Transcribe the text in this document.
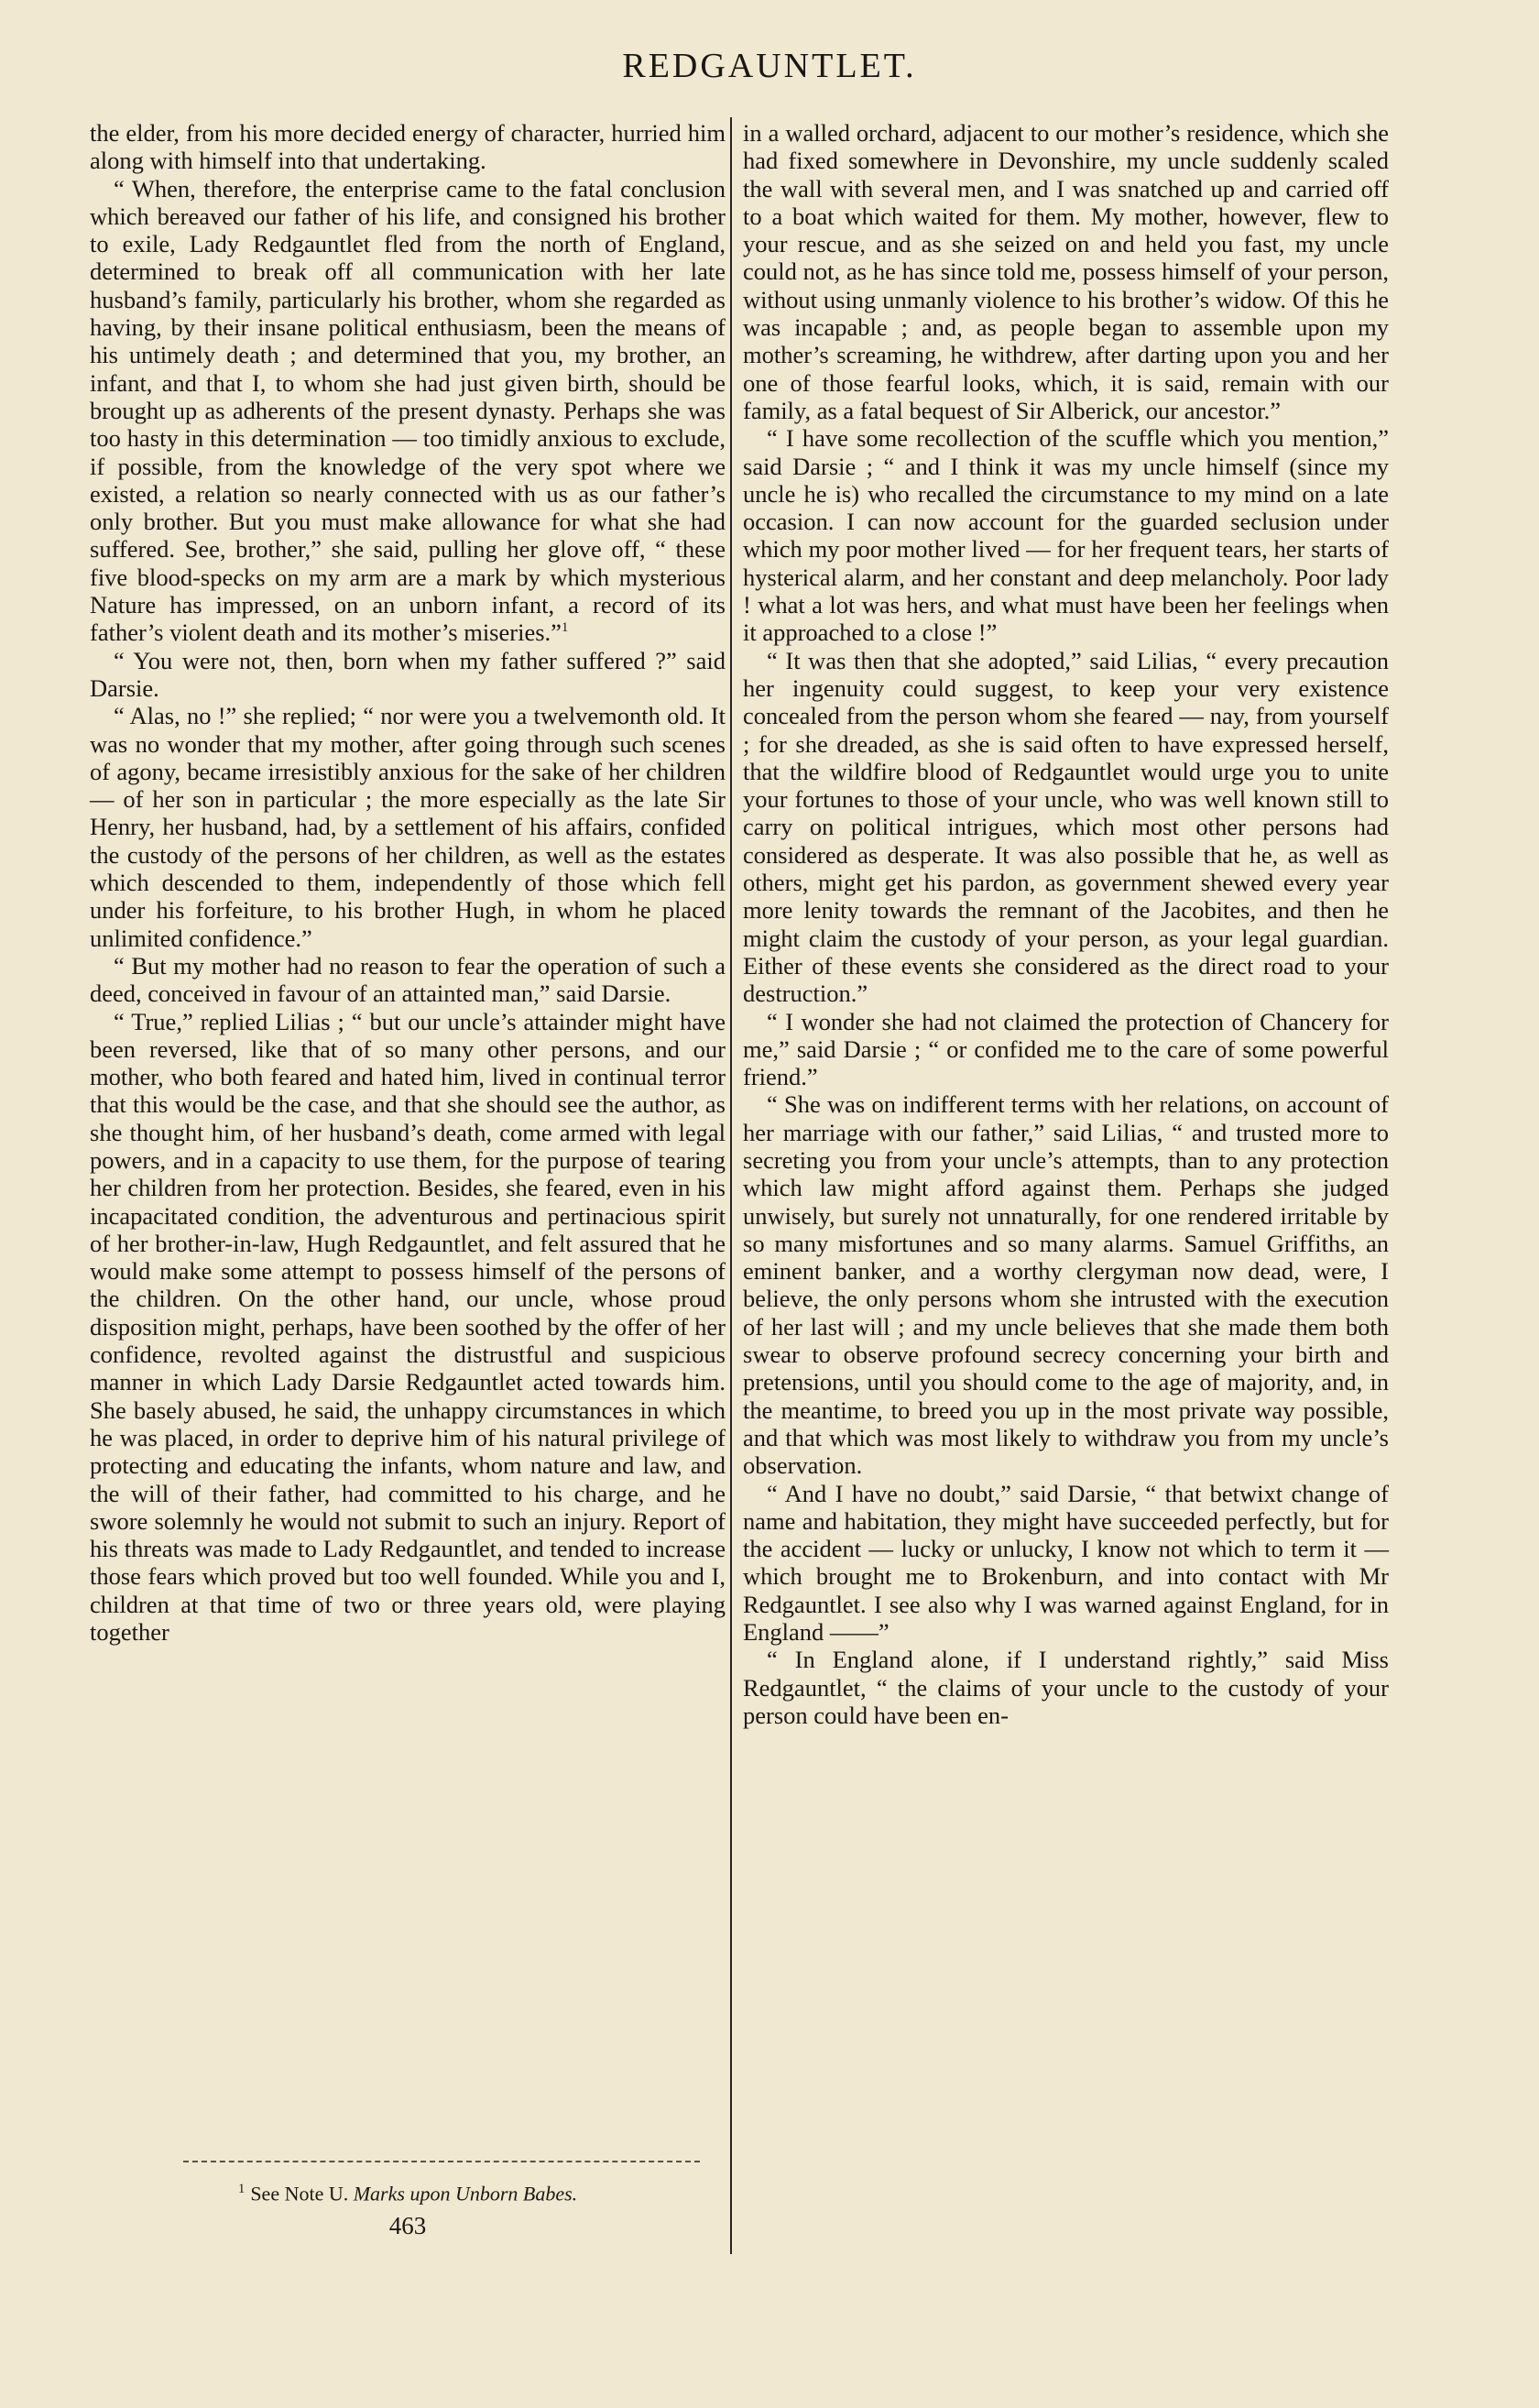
REDGAUNTLET.

the elder, from his more decided energy of character, hurried him along with himself into that undertaking.

“ When, therefore, the enterprise came to the fatal conclusion which bereaved our father of his life, and consigned his brother to exile, Lady Redgauntlet fled from the north of England, determined to break off all communication with her late husband’s family, particularly his brother, whom she regarded as having, by their insane political enthusiasm, been the means of his untimely death ; and determined that you, my brother, an infant, and that I, to whom she had just given birth, should be brought up as adherents of the present dynasty. Perhaps she was too hasty in this determination — too timidly anxious to exclude, if possible, from the knowledge of the very spot where we existed, a relation so nearly connected with us as our father’s only brother. But you must make allowance for what she had suffered. See, brother,” she said, pulling her glove off, “ these five blood-specks on my arm are a mark by which mysterious Nature has impressed, on an unborn infant, a record of its father’s violent death and its mother’s miseries.”$^1$

“ You were not, then, born when my father suffered ?” said Darsie.

“ Alas, no !” she replied; “ nor were you a twelvemonth old. It was no wonder that my mother, after going through such scenes of agony, became irresistibly anxious for the sake of her children — of her son in particular ; the more especially as the late Sir Henry, her husband, had, by a settlement of his affairs, confided the custody of the persons of her children, as well as the estates which descended to them, independently of those which fell under his forfeiture, to his brother Hugh, in whom he placed unlimited confidence.”

“ But my mother had no reason to fear the operation of such a deed, conceived in favour of an attainted man,” said Darsie.

“ True,” replied Lilias ; “ but our uncle’s attainder might have been reversed, like that of so many other persons, and our mother, who both feared and hated him, lived in continual terror that this would be the case, and that she should see the author, as she thought him, of her husband’s death, come armed with legal powers, and in a capacity to use them, for the purpose of tearing her children from her protection. Besides, she feared, even in his incapacitated condition, the adventurous and pertinacious spirit of her brother-in-law, Hugh Redgauntlet, and felt assured that he would make some attempt to possess himself of the persons of the children. On the other hand, our uncle, whose proud disposition might, perhaps, have been soothed by the offer of her confidence, revolted against the distrustful and suspicious manner in which Lady Darsie Redgauntlet acted towards him. She basely abused, he said, the unhappy circumstances in which he was placed, in order to deprive him of his natural privilege of protecting and educating the infants, whom nature and law, and the will of their father, had committed to his charge, and he swore solemnly he would not submit to such an injury. Report of his threats was made to Lady Redgauntlet, and tended to increase those fears which proved but too well founded. While you and I, children at that time of two or three years old, were playing together

in a walled orchard, adjacent to our mother’s residence, which she had fixed somewhere in Devonshire, my uncle suddenly scaled the wall with several men, and I was snatched up and carried off to a boat which waited for them. My mother, however, flew to your rescue, and as she seized on and held you fast, my uncle could not, as he has since told me, possess himself of your person, without using unmanly violence to his brother’s widow. Of this he was incapable ; and, as people began to assemble upon my mother’s screaming, he withdrew, after darting upon you and her one of those fearful looks, which, it is said, remain with our family, as a fatal bequest of Sir Alberick, our ancestor.”

“ I have some recollection of the scuffle which you mention,” said Darsie ; “ and I think it was my uncle himself (since my uncle he is) who recalled the circumstance to my mind on a late occasion. I can now account for the guarded seclusion under which my poor mother lived — for her frequent tears, her starts of hysterical alarm, and her constant and deep melancholy. Poor lady ! what a lot was hers, and what must have been her feelings when it approached to a close !”

“ It was then that she adopted,” said Lilias, “ every precaution her ingenuity could suggest, to keep your very existence concealed from the person whom she feared — nay, from yourself ; for she dreaded, as she is said often to have expressed herself, that the wildfire blood of Redgauntlet would urge you to unite your fortunes to those of your uncle, who was well known still to carry on political intrigues, which most other persons had considered as desperate. It was also possible that he, as well as others, might get his pardon, as government shewed every year more lenity towards the remnant of the Jacobites, and then he might claim the custody of your person, as your legal guardian. Either of these events she considered as the direct road to your destruction.”

“ I wonder she had not claimed the protection of Chancery for me,” said Darsie ; “ or confided me to the care of some powerful friend.”

“ She was on indifferent terms with her relations, on account of her marriage with our father,” said Lilias, “ and trusted more to secreting you from your uncle’s attempts, than to any protection which law might afford against them. Perhaps she judged unwisely, but surely not unnaturally, for one rendered irritable by so many misfortunes and so many alarms. Samuel Griffiths, an eminent banker, and a worthy clergyman now dead, were, I believe, the only persons whom she intrusted with the execution of her last will ; and my uncle believes that she made them both swear to observe profound secrecy concerning your birth and pretensions, until you should come to the age of majority, and, in the meantime, to breed you up in the most private way possible, and that which was most likely to withdraw you from my uncle’s observation.

“ And I have no doubt,” said Darsie, “ that betwixt change of name and habitation, they might have succeeded perfectly, but for the accident — lucky or unlucky, I know not which to term it — which brought me to Brokenburn, and into contact with Mr Redgauntlet. I see also why I was warned against England, for in England ——”

“ In England alone, if I understand rightly,” said Miss Redgauntlet, “ the claims of your uncle to the custody of your person could have been en-

$^1$ See Note U. Marks upon Unborn Babes.
463
